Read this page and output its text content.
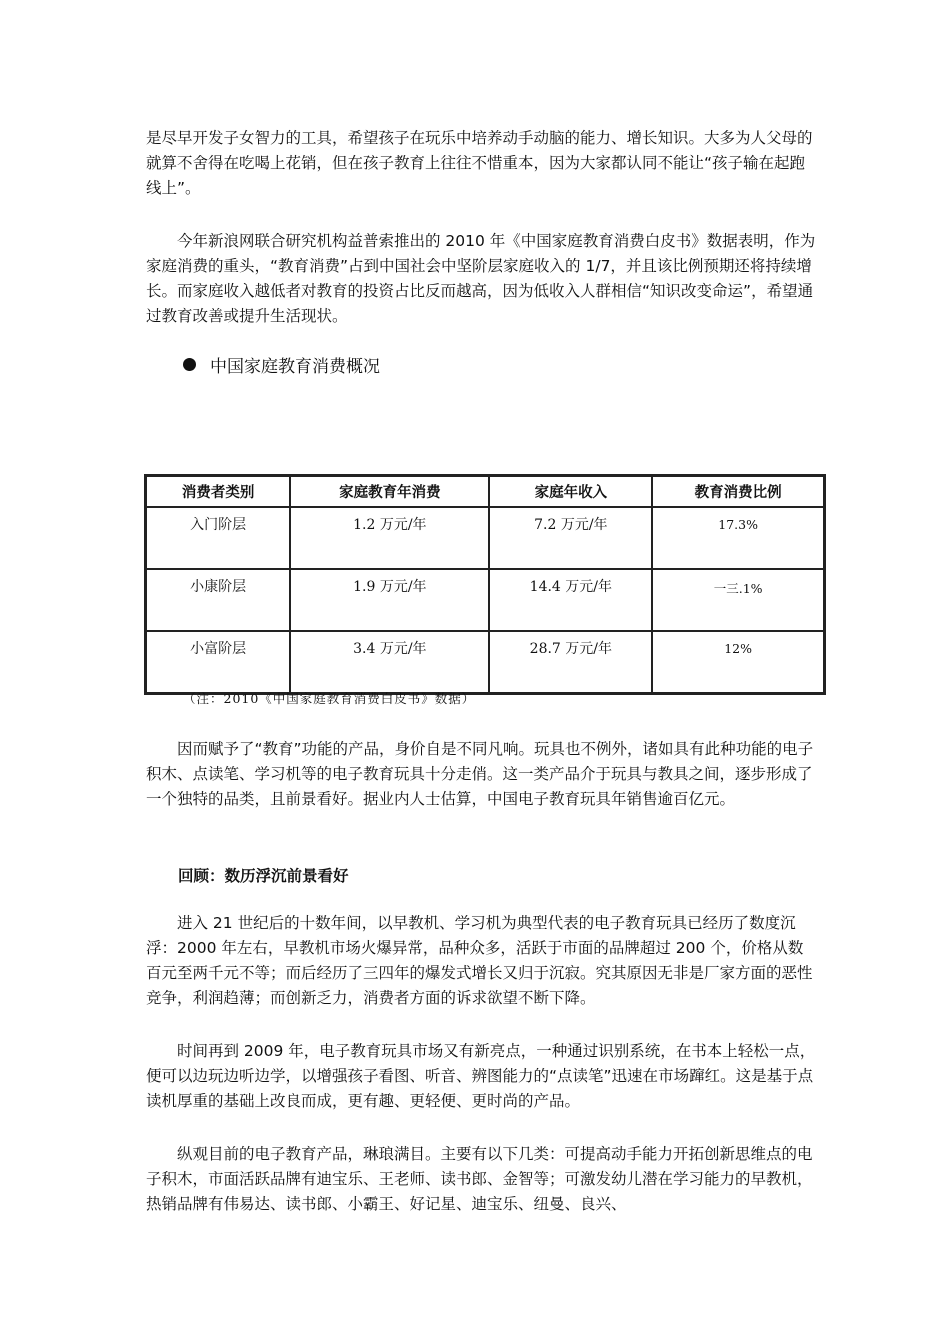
是尽早开发子女智力的工具，希望孩子在玩乐中培养动手动脑的能力、增长知识。大多为人父母的就算不舍得在吃喝上花销，但在孩子教育上往往不惜重本，因为大家都认同不能让“孩子输在起跑线上”。

今年新浪网联合研究机构益普索推出的 2010 年《中国家庭教育消费白皮书》数据表明，作为家庭消费的重头，“教育消费”占到中国社会中坚阶层家庭收入的 1/7，并且该比例预期还将持续增长。而家庭收入越低者对教育的投资占比反而越高，因为低收入人群相信“知识改变命运”，希望通过教育改善或提升生活现状。

中国家庭教育消费概况
消费者类别	家庭教育年消费	家庭年收入	教育消费比例
入门阶层	1.2 万元/年	7.2 万元/年	17.3%
小康阶层	1.9 万元/年	14.4 万元/年	一三.1%
小富阶层	3.4 万元/年	28.7 万元/年	12%
（注：2010《中国家庭教育消费白皮书》数据）

因而赋予了“教育”功能的产品，身价自是不同凡响。玩具也不例外，诸如具有此种功能的电子积木、点读笔、学习机等的电子教育玩具十分走俏。这一类产品介于玩具与教具之间，逐步形成了一个独特的品类，且前景看好。据业内人士估算，中国电子教育玩具年销售逾百亿元。

回顾：数历浮沉前景看好

进入 21 世纪后的十数年间，以早教机、学习机为典型代表的电子教育玩具已经历了数度沉浮：2000 年左右，早教机市场火爆异常，品种众多，活跃于市面的品牌超过 200 个，价格从数百元至两千元不等；而后经历了三四年的爆发式增长又归于沉寂。究其原因无非是厂家方面的恶性竞争，利润趋薄；而创新乏力，消费者方面的诉求欲望不断下降。

时间再到 2009 年，电子教育玩具市场又有新亮点，一种通过识别系统，在书本上轻松一点，便可以边玩边听边学，以增强孩子看图、听音、辨图能力的“点读笔”迅速在市场蹿红。这是基于点读机厚重的基础上改良而成，更有趣、更轻便、更时尚的产品。

纵观目前的电子教育产品，琳琅满目。主要有以下几类：可提高动手能力开拓创新思维点的电子积木，市面活跃品牌有迪宝乐、王老师、读书郎、金智等；可激发幼儿潜在学习能力的早教机，热销品牌有伟易达、读书郎、小霸王、好记星、迪宝乐、纽曼、良兴、
